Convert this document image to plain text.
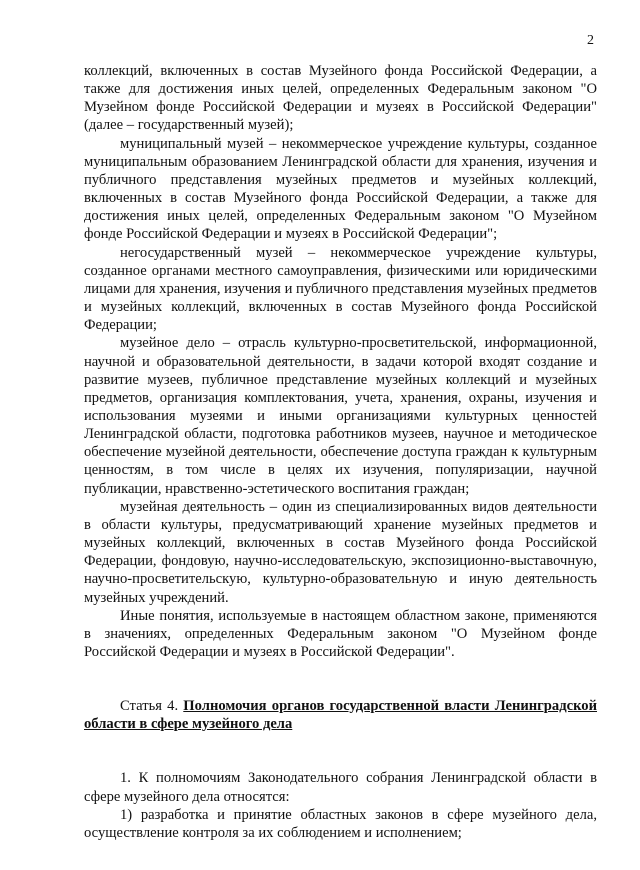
2

коллекций, включенных в состав Музейного фонда Российской Федерации, а также для достижения иных целей, определенных Федеральным законом "О Музейном фонде Российской Федерации и музеях в Российской Федерации" (далее – государственный музей);

муниципальный музей – некоммерческое учреждение культуры, созданное муниципальным образованием Ленинградской области для хранения, изучения и публичного представления музейных предметов и музейных коллекций, включенных в состав Музейного фонда Российской Федерации, а также для достижения иных целей, определенных Федеральным законом "О Музейном фонде Российской Федерации и музеях в Российской Федерации";

негосударственный музей – некоммерческое учреждение культуры, созданное органами местного самоуправления, физическими или юридическими лицами для хранения, изучения и публичного представления музейных предметов и музейных коллекций, включенных в состав Музейного фонда Российской Федерации;

музейное дело – отрасль культурно-просветительской, информационной, научной и образовательной деятельности, в задачи которой входят создание и развитие музеев, публичное представление музейных коллекций и музейных предметов, организация комплектования, учета, хранения, охраны, изучения и использования музеями и иными организациями культурных ценностей Ленинградской области, подготовка работников музеев, научное и методическое обеспечение музейной деятельности, обеспечение доступа граждан к культурным ценностям, в том числе в целях их изучения, популяризации, научной публикации, нравственно-эстетического воспитания граждан;

музейная деятельность – один из специализированных видов деятельности в области культуры, предусматривающий хранение музейных предметов и музейных коллекций, включенных в состав Музейного фонда Российской Федерации, фондовую, научно-исследовательскую, экспозиционно-выставочную, научно-просветительскую, культурно-образовательную и иную деятельность музейных учреждений.

Иные понятия, используемые в настоящем областном законе, применяются в значениях, определенных Федеральным законом "О Музейном фонде Российской Федерации и музеях в Российской Федерации".

Статья 4. Полномочия органов государственной власти Ленинградской области в сфере музейного дела

1. К полномочиям Законодательного собрания Ленинградской области в сфере музейного дела относятся:

1) разработка и принятие областных законов в сфере музейного дела, осуществление контроля за их соблюдением и исполнением;
